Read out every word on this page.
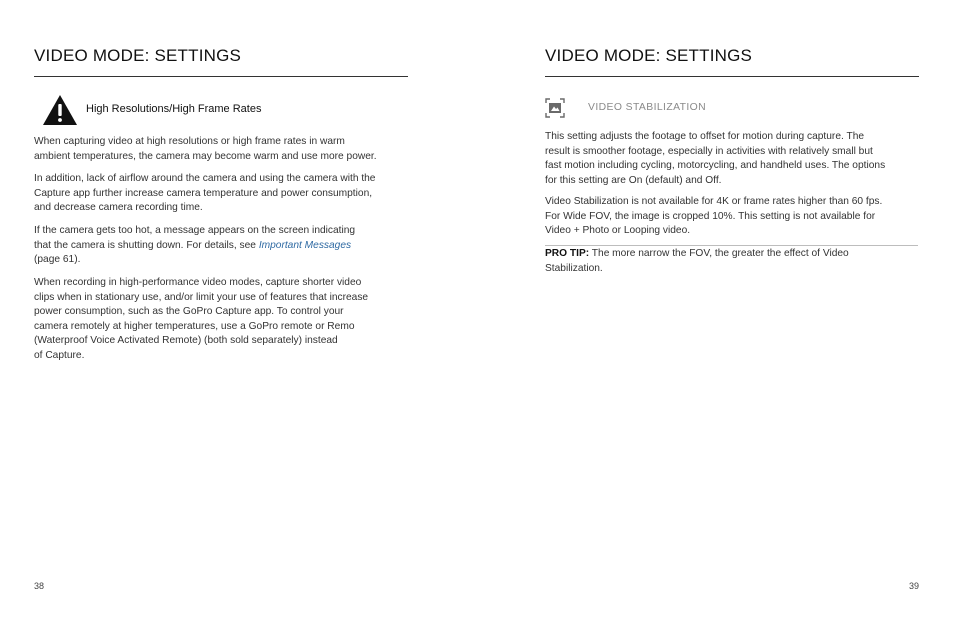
VIDEO MODE: SETTINGS
High Resolutions/High Frame Rates
When capturing video at high resolutions or high frame rates in warm
ambient temperatures, the camera may become warm and use more power.
In addition, lack of airflow around the camera and using the camera with the
Capture app further increase camera temperature and power consumption,
and decrease camera recording time.
If the camera gets too hot, a message appears on the screen indicating
that the camera is shutting down. For details, see Important Messages
(page 61).
When recording in high-performance video modes, capture shorter video
clips when in stationary use, and/or limit your use of features that increase
power consumption, such as the GoPro Capture app. To control your
camera remotely at higher temperatures, use a GoPro remote or Remo
(Waterproof Voice Activated Remote) (both sold separately) instead
of Capture.
38
VIDEO MODE: SETTINGS
VIDEO STABILIZATION
This setting adjusts the footage to offset for motion during capture. The
result is smoother footage, especially in activities with relatively small but
fast motion including cycling, motorcycling, and handheld uses. The options
for this setting are On (default) and Off.
Video Stabilization is not available for 4K or frame rates higher than 60 fps.
For Wide FOV, the image is cropped 10%. This setting is not available for
Video + Photo or Looping video.
PRO TIP: The more narrow the FOV, the greater the effect of Video
Stabilization.
39
